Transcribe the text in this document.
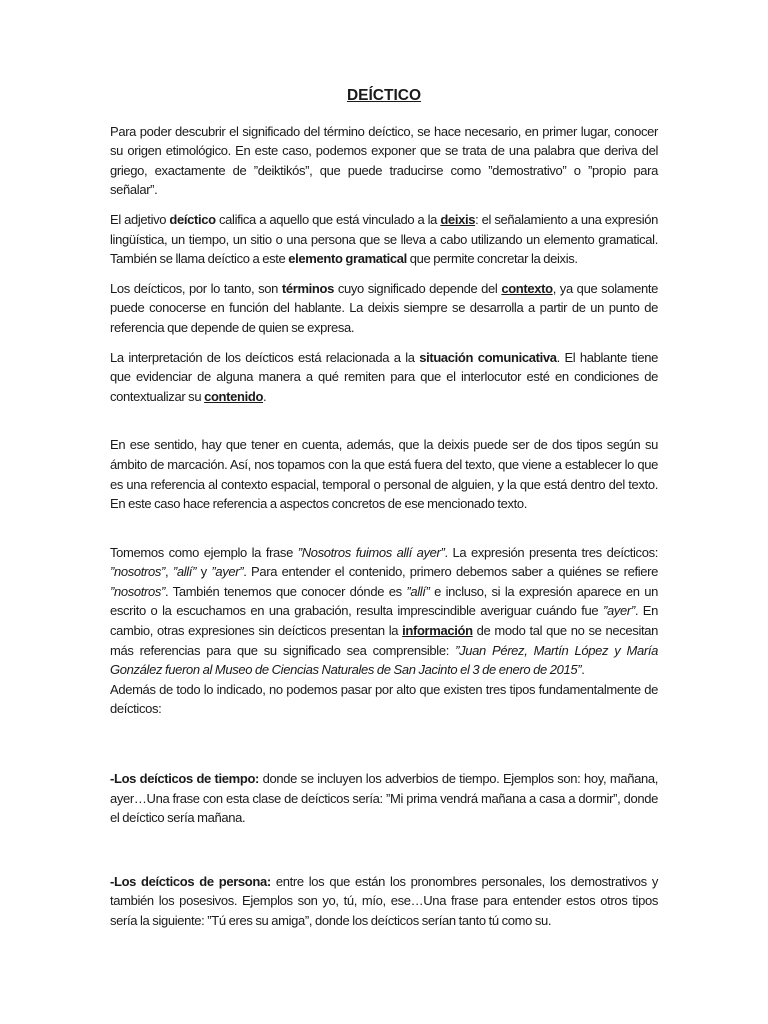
DEÍCTICO

Para poder descubrir el significado del término deíctico, se hace necesario, en primer lugar, conocer su origen etimológico. En este caso, podemos exponer que se trata de una palabra que deriva del griego, exactamente de ”deiktikós”, que puede traducirse como ”demostrativo” o ”propio para señalar”.

El adjetivo deíctico califica a aquello que está vinculado a la deixis: el señalamiento a una expresión lingüística, un tiempo, un sitio o una persona que se lleva a cabo utilizando un elemento gramatical. También se llama deíctico a este elemento gramatical que permite concretar la deixis.

Los deícticos, por lo tanto, son términos cuyo significado depende del contexto, ya que solamente puede conocerse en función del hablante. La deixis siempre se desarrolla a partir de un punto de referencia que depende de quien se expresa.

La interpretación de los deícticos está relacionada a la situación comunicativa. El hablante tiene que evidenciar de alguna manera a qué remiten para que el interlocutor esté en condiciones de contextualizar su contenido.

En ese sentido, hay que tener en cuenta, además, que la deixis puede ser de dos tipos según su ámbito de marcación. Así, nos topamos con la que está fuera del texto, que viene a establecer lo que es una referencia al contexto espacial, temporal o personal de alguien, y la que está dentro del texto. En este caso hace referencia a aspectos concretos de ese mencionado texto.

Tomemos como ejemplo la frase ”Nosotros fuimos allí ayer”. La expresión presenta tres deícticos: ”nosotros”, ”allí” y ”ayer”. Para entender el contenido, primero debemos saber a quiénes se refiere ”nosotros”. También tenemos que conocer dónde es ”allí” e incluso, si la expresión aparece en un escrito o la escuchamos en una grabación, resulta imprescindible averiguar cuándo fue ”ayer”. En cambio, otras expresiones sin deícticos presentan la información de modo tal que no se necesitan más referencias para que su significado sea comprensible: ”Juan Pérez, Martín López y María González fueron al Museo de Ciencias Naturales de San Jacinto el 3 de enero de 2015”.

Además de todo lo indicado, no podemos pasar por alto que existen tres tipos fundamentalmente de deícticos:

-Los deícticos de tiempo: donde se incluyen los adverbios de tiempo. Ejemplos son: hoy, mañana, ayer…Una frase con esta clase de deícticos sería: ”Mi prima vendrá mañana a casa a dormir”, donde el deíctico sería mañana.

-Los deícticos de persona: entre los que están los pronombres personales, los demostrativos y también los posesivos. Ejemplos son yo, tú, mío, ese…Una frase para entender estos otros tipos sería la siguiente: ”Tú eres su amiga”, donde los deícticos serían tanto tú como su.
